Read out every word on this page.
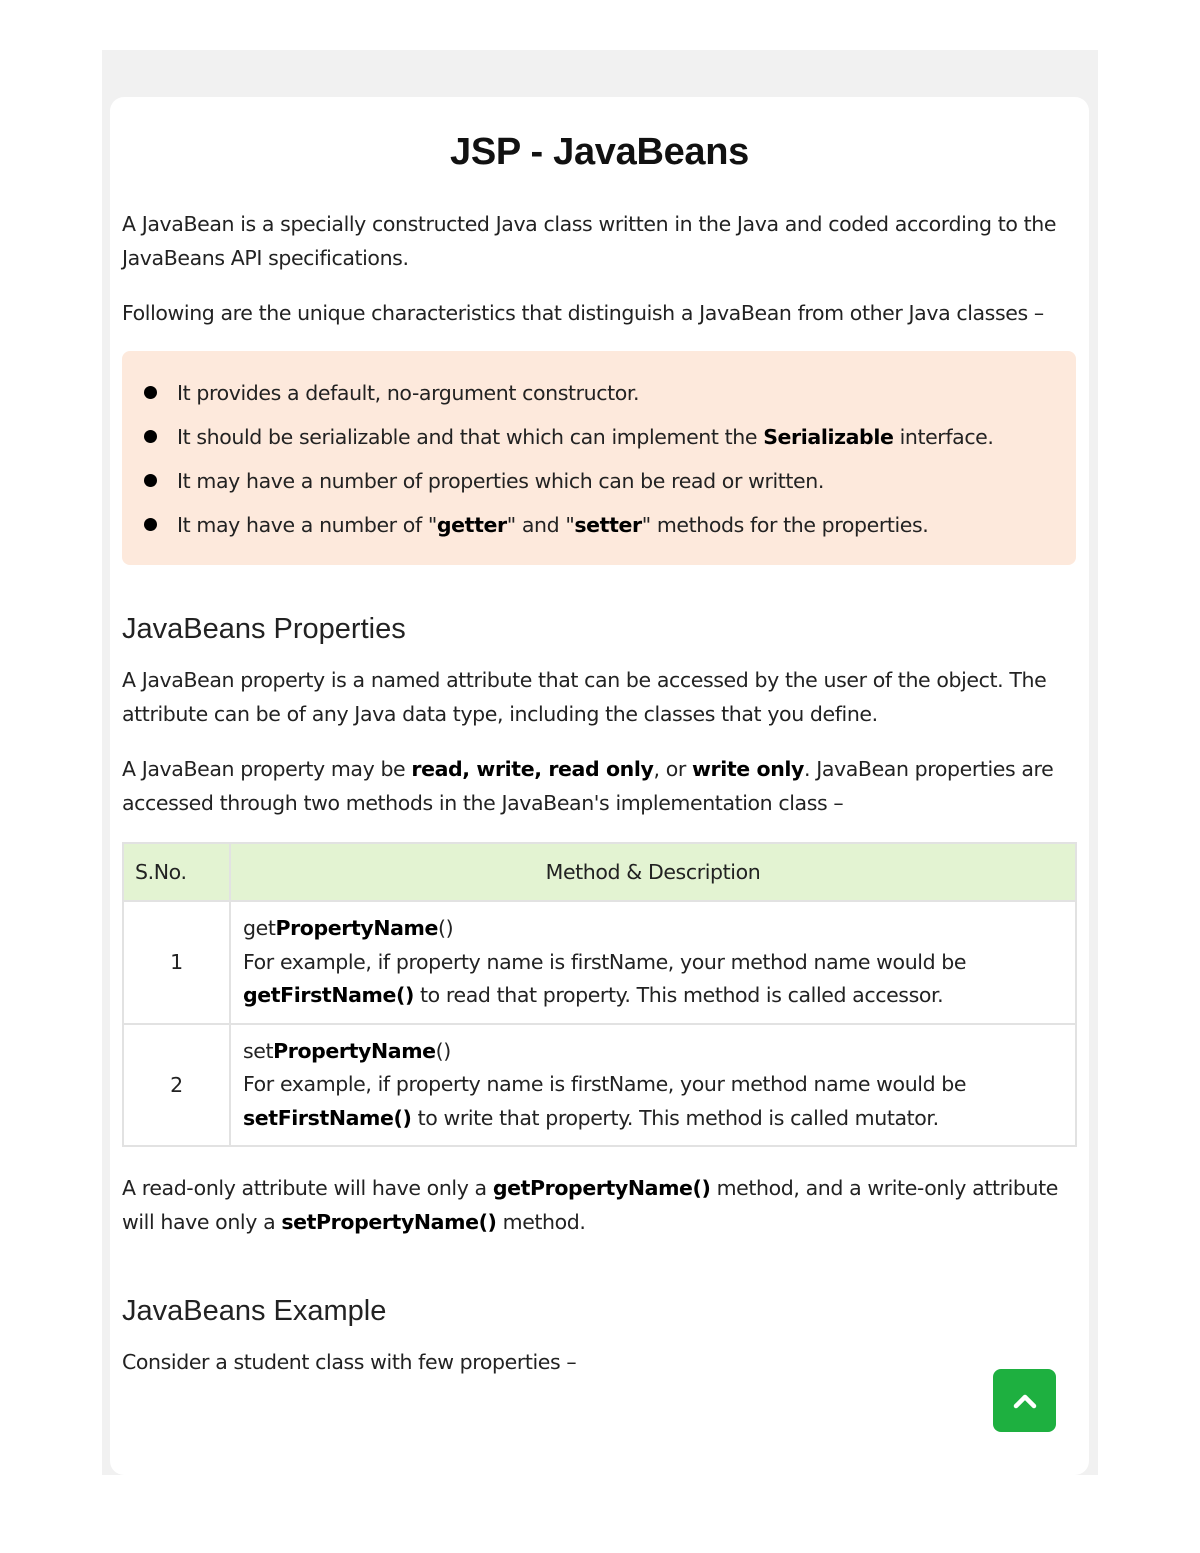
JSP - JavaBeans

A JavaBean is a specially constructed Java class written in the Java and coded according to the JavaBeans API specifications.

Following are the unique characteristics that distinguish a JavaBean from other Java classes –

It provides a default, no-argument constructor.
It should be serializable and that which can implement the Serializable interface.
It may have a number of properties which can be read or written.
It may have a number of "getter" and "setter" methods for the properties.
JavaBeans Properties

A JavaBean property is a named attribute that can be accessed by the user of the object. The attribute can be of any Java data type, including the classes that you define.

A JavaBean property may be read, write, read only, or write only. JavaBean properties are accessed through two methods in the JavaBean's implementation class –

S.No.	Method & Description
1	getPropertyName()
For example, if property name is firstName, your method name would be getFirstName() to read that property. This method is called accessor.
2	setPropertyName()
For example, if property name is firstName, your method name would be setFirstName() to write that property. This method is called mutator.

A read-only attribute will have only a getPropertyName() method, and a write-only attribute will have only a setPropertyName() method.

JavaBeans Example

Consider a student class with few properties –
